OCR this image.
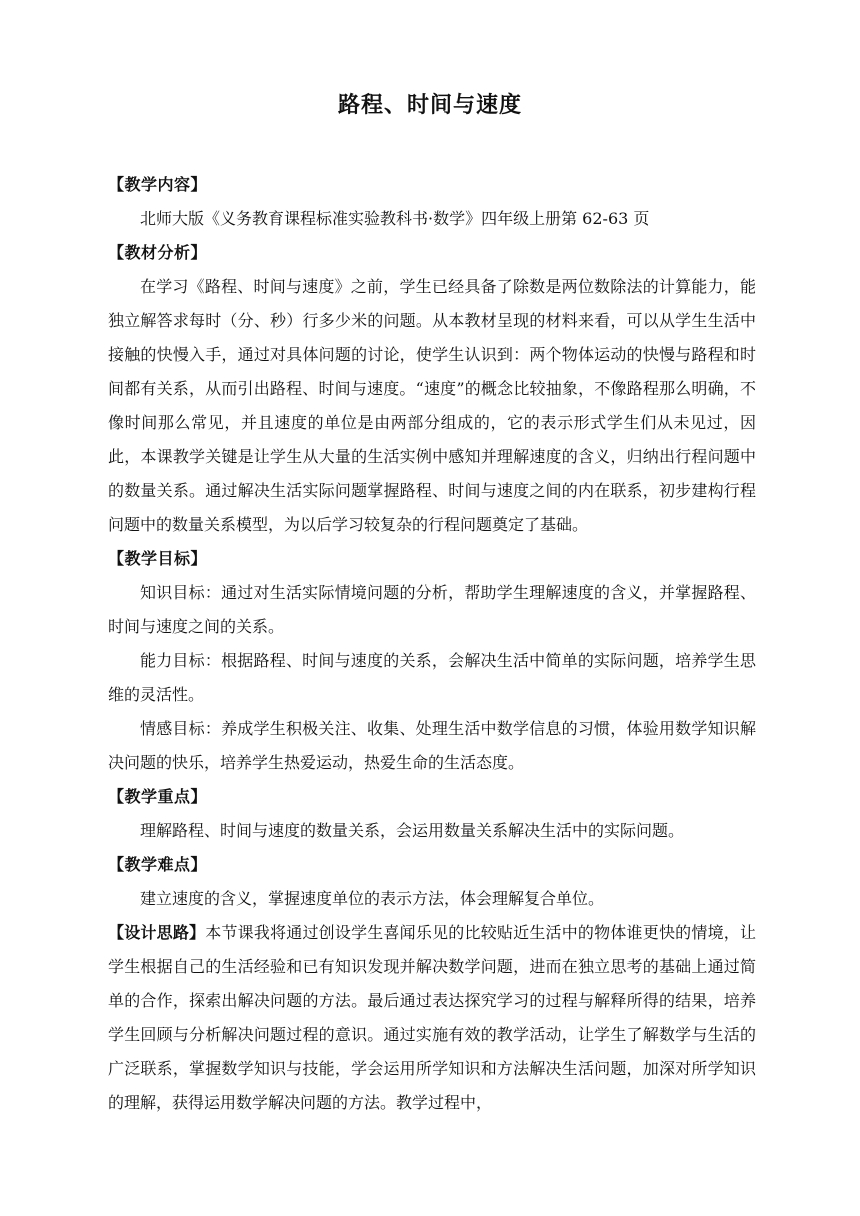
路程、时间与速度

【教学内容】

北师大版《义务教育课程标准实验教科书·数学》四年级上册第 62-63 页

【教材分析】

在学习《路程、时间与速度》之前，学生已经具备了除数是两位数除法的计算能力，能独立解答求每时（分、秒）行多少米的问题。从本教材呈现的材料来看，可以从学生生活中接触的快慢入手，通过对具体问题的讨论，使学生认识到：两个物体运动的快慢与路程和时间都有关系，从而引出路程、时间与速度。“速度”的概念比较抽象，不像路程那么明确，不像时间那么常见，并且速度的单位是由两部分组成的，它的表示形式学生们从未见过，因此，本课教学关键是让学生从大量的生活实例中感知并理解速度的含义，归纳出行程问题中的数量关系。通过解决生活实际问题掌握路程、时间与速度之间的内在联系，初步建构行程问题中的数量关系模型，为以后学习较复杂的行程问题奠定了基础。

【教学目标】

知识目标：通过对生活实际情境问题的分析，帮助学生理解速度的含义，并掌握路程、时间与速度之间的关系。

能力目标：根据路程、时间与速度的关系，会解决生活中简单的实际问题，培养学生思维的灵活性。

情感目标：养成学生积极关注、收集、处理生活中数学信息的习惯，体验用数学知识解决问题的快乐，培养学生热爱运动，热爱生命的生活态度。

【教学重点】

理解路程、时间与速度的数量关系，会运用数量关系解决生活中的实际问题。

【教学难点】

建立速度的含义，掌握速度单位的表示方法，体会理解复合单位。

【设计思路】本节课我将通过创设学生喜闻乐见的比较贴近生活中的物体谁更快的情境，让学生根据自己的生活经验和已有知识发现并解决数学问题，进而在独立思考的基础上通过简单的合作，探索出解决问题的方法。最后通过表达探究学习的过程与解释所得的结果，培养学生回顾与分析解决问题过程的意识。通过实施有效的教学活动，让学生了解数学与生活的广泛联系，掌握数学知识与技能，学会运用所学知识和方法解决生活问题，加深对所学知识的理解，获得运用数学解决问题的方法。教学过程中，
